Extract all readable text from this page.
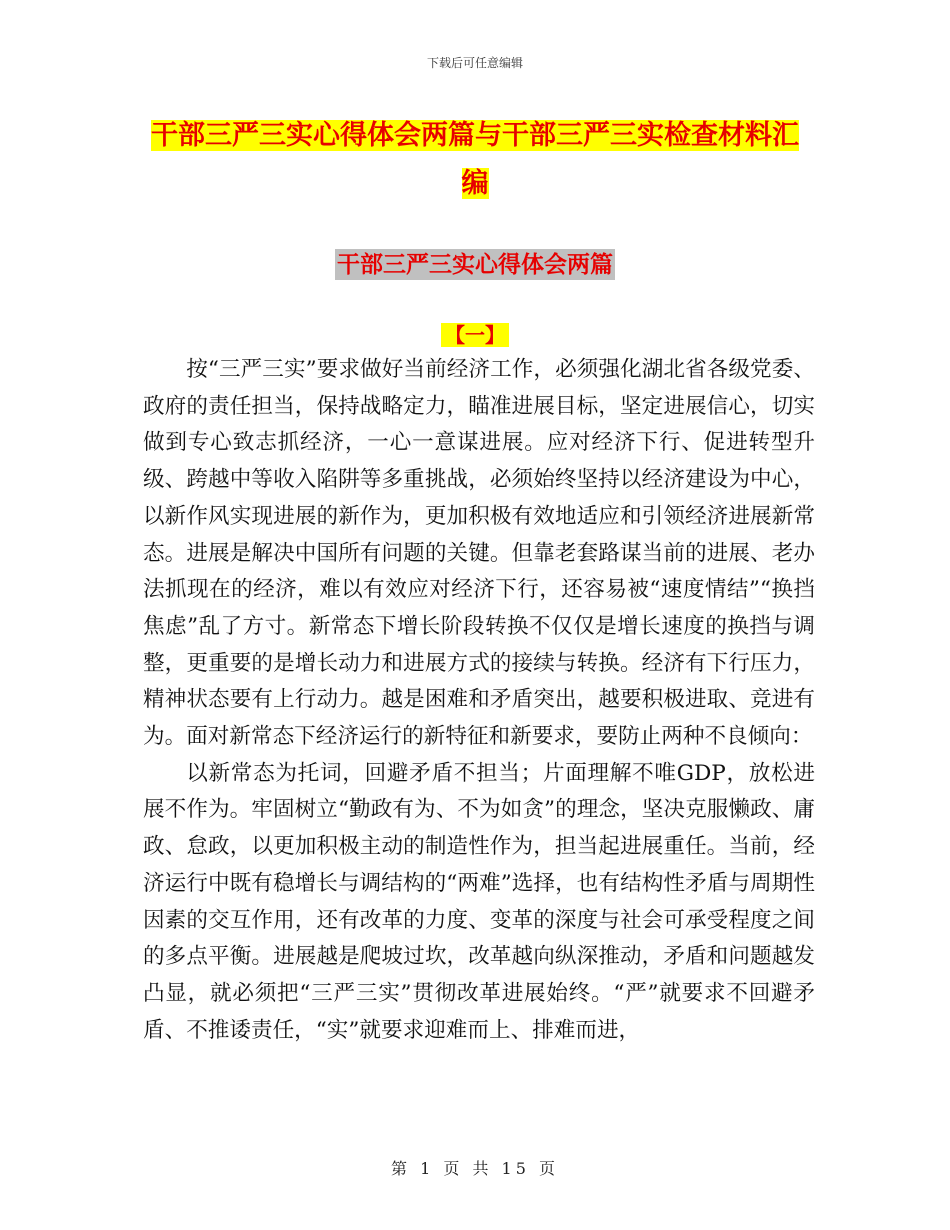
下载后可任意编辑
干部三严三实心得体会两篇与干部三严三实检查材料汇编
干部三严三实心得体会两篇
【一】

按“三严三实”要求做好当前经济工作，必须强化湖北省各级党委、政府的责任担当，保持战略定力，瞄准进展目标，坚定进展信心，切实做到专心致志抓经济，一心一意谋进展。应对经济下行、促进转型升级、跨越中等收入陷阱等多重挑战，必须始终坚持以经济建设为中心，以新作风实现进展的新作为，更加积极有效地适应和引领经济进展新常态。进展是解决中国所有问题的关键。但靠老套路谋当前的进展、老办法抓现在的经济，难以有效应对经济下行，还容易被“速度情结”“换挡焦虑”乱了方寸。新常态下增长阶段转换不仅仅是增长速度的换挡与调整，更重要的是增长动力和进展方式的接续与转换。经济有下行压力，精神状态要有上行动力。越是困难和矛盾突出，越要积极进取、竞进有为。面对新常态下经济运行的新特征和新要求，要防止两种不良倾向：

以新常态为托词，回避矛盾不担当；片面理解不唯GDP，放松进展不作为。牢固树立“勤政有为、不为如贪”的理念，坚决克服懒政、庸政、怠政，以更加积极主动的制造性作为，担当起进展重任。当前，经济运行中既有稳增长与调结构的“两难”选择，也有结构性矛盾与周期性因素的交互作用，还有改革的力度、变革的深度与社会可承受程度之间的多点平衡。进展越是爬坡过坎，改革越向纵深推动，矛盾和问题越发凸显，就必须把“三严三实”贯彻改革进展始终。“严”就要求不回避矛盾、不推诿责任，“实”就要求迎难而上、排难而进，

第 1 页 共 15 页
